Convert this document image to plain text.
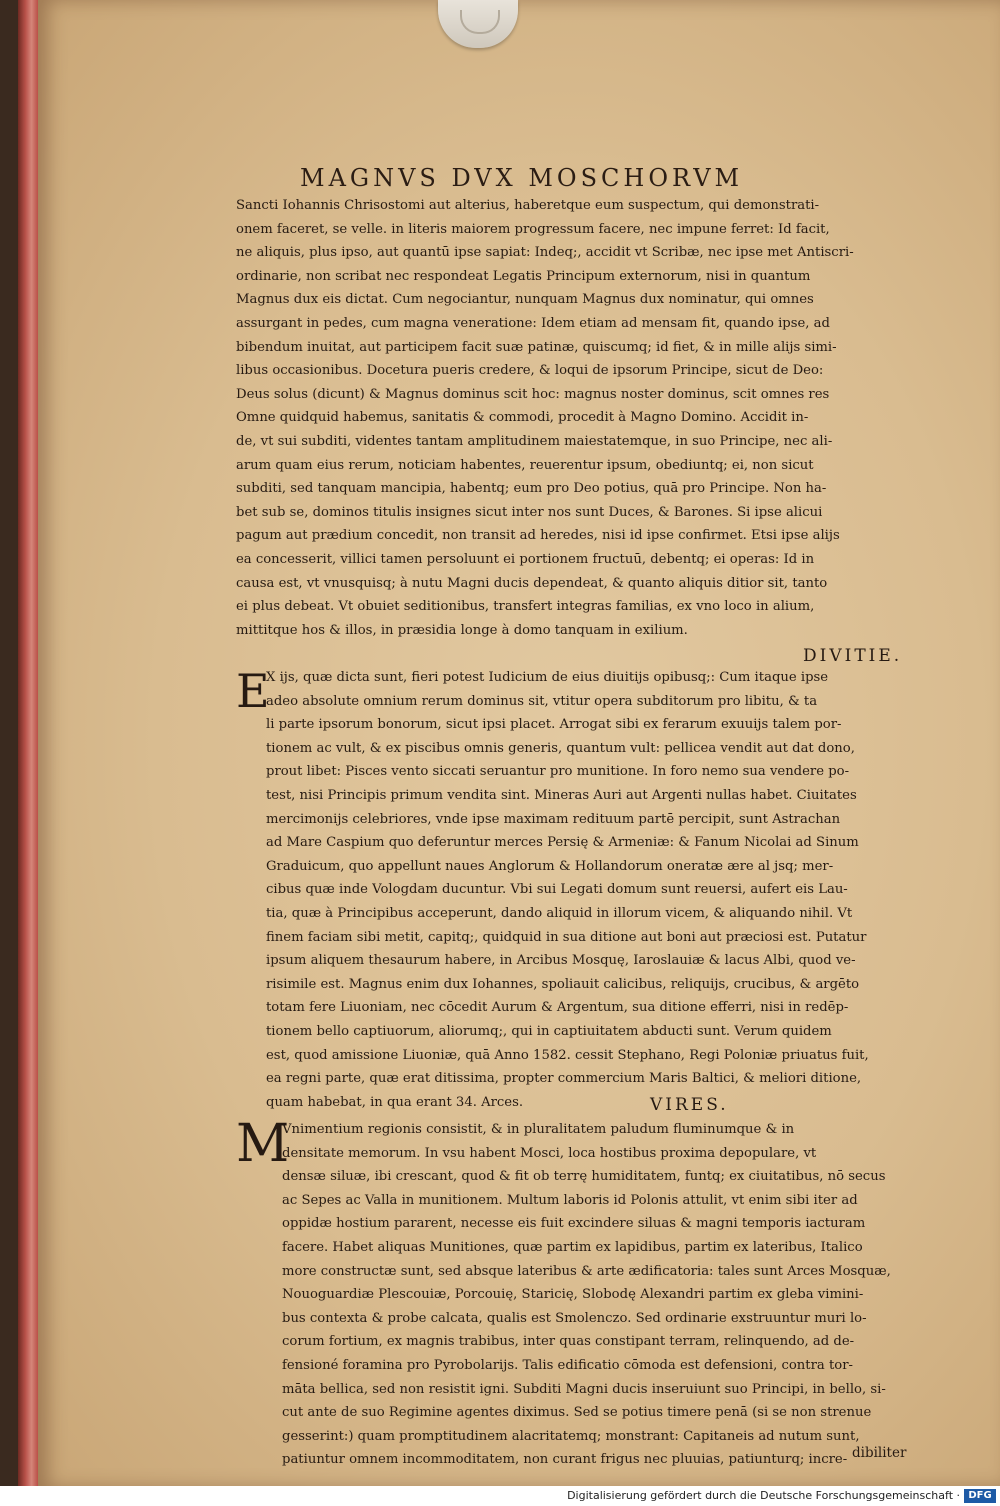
MAGNVS DVX MOSCHORVM
Sancti Iohannis Chrisostomi aut alterius, haberetque eum suspectum, qui demonstrati-
onem faceret, se velle. in literis maiorem progressum facere, nec impune ferret: Id facit,
ne aliquis, plus ipso, aut quantū ipse sapiat: Indeq;, accidit vt Scribæ, nec ipse met Antiscri-
ordinarie, non scribat nec respondeat Legatis Principum externorum, nisi in quantum
Magnus dux eis dictat. Cum negociantur, nunquam Magnus dux nominatur, qui omnes
assurgant in pedes, cum magna veneratione: Idem etiam ad mensam fit, quando ipse, ad
bibendum inuitat, aut participem facit suæ patinæ, quiscumq; id fiet, & in mille alijs simi-
libus occasionibus. Docetura pueris credere, & loqui de ipsorum Principe, sicut de Deo:
Deus solus (dicunt) & Magnus dominus scit hoc: magnus noster dominus, scit omnes res
Omne quidquid habemus, sanitatis & commodi, procedit à Magno Domino. Accidit in-
de, vt sui subditi, videntes tantam amplitudinem maiestatemque, in suo Principe, nec ali-
arum quam eius rerum, noticiam habentes, reuerentur ipsum, obediuntq; ei, non sicut
subditi, sed tanquam mancipia, habentq; eum pro Deo potius, quā pro Principe. Non ha-
bet sub se, dominos titulis insignes sicut inter nos sunt Duces, & Barones. Si ipse alicui
pagum aut prædium concedit, non transit ad heredes, nisi id ipse confirmet. Etsi ipse alijs
ea concesserit, villici tamen persoluunt ei portionem fructuū, debentq; ei operas: Id in
causa est, vt vnusquisq; à nutu Magni ducis dependeat, & quanto aliquis ditior sit, tanto
ei plus debeat. Vt obuiet seditionibus, transfert integras familias, ex vno loco in alium,
mittitque hos & illos, in præsidia longe à domo tanquam in exilium.
DIVITIE.
E
X ijs, quæ dicta sunt, fieri potest Iudicium de eius diuitijs opibusq;: Cum itaque ipse
adeo absolute omnium rerum dominus sit, vtitur opera subditorum pro libitu, & ta
li parte ipsorum bonorum, sicut ipsi placet. Arrogat sibi ex ferarum exuuijs talem por-
tionem ac vult, & ex piscibus omnis generis, quantum vult: pellicea vendit aut dat dono,
prout libet: Pisces vento siccati seruantur pro munitione. In foro nemo sua vendere po-
test, nisi Principis primum vendita sint. Mineras Auri aut Argenti nullas habet. Ciuitates
mercimonijs celebriores, vnde ipse maximam redituum partē percipit, sunt Astrachan
ad Mare Caspium quo deferuntur merces Persię & Armeniæ: & Fanum Nicolai ad Sinum
Graduicum, quo appellunt naues Anglorum & Hollandorum oneratæ ære al jsq; mer-
cibus quæ inde Vologdam ducuntur. Vbi sui Legati domum sunt reuersi, aufert eis Lau-
tia, quæ à Principibus acceperunt, dando aliquid in illorum vicem, & aliquando nihil. Vt
finem faciam sibi metit, capitq;, quidquid in sua ditione aut boni aut præciosi est. Putatur
ipsum aliquem thesaurum habere, in Arcibus Mosquę, Iaroslauiæ & lacus Albi, quod ve-
risimile est. Magnus enim dux Iohannes, spoliauit calicibus, reliquijs, crucibus, & argēto
totam fere Liuoniam, nec cōcedit Aurum & Argentum, sua ditione efferri, nisi in redēp-
tionem bello captiuorum, aliorumq;, qui in captiuitatem abducti sunt. Verum quidem
est, quod amissione Liuoniæ, quā Anno 1582. cessit Stephano, Regi Poloniæ priuatus fuit,
ea regni parte, quæ erat ditissima, propter commercium Maris Baltici, & meliori ditione,
quam habebat, in qua erant 34. Arces.	VIRES.
M
Vnimentium regionis consistit, & in pluralitatem paludum fluminumque & in
densitate memorum. In vsu habent Mosci, loca hostibus proxima depopulare, vt
densæ siluæ, ibi crescant, quod & fit ob terrę humiditatem, funtq; ex ciuitatibus, nō secus
ac Sepes ac Valla in munitionem. Multum laboris id Polonis attulit, vt enim sibi iter ad
oppidæ hostium pararent, necesse eis fuit excindere siluas & magni temporis iacturam
facere. Habet aliquas Munitiones, quæ partim ex lapidibus, partim ex lateribus, Italico
more constructæ sunt, sed absque lateribus & arte ædificatoria: tales sunt Arces Mosquæ,
Nouoguardiæ Plescouiæ, Porcouię, Staricię, Slobodę Alexandri partim ex gleba vimini-
bus contexta & probe calcata, qualis est Smolenczo. Sed ordinarie exstruuntur muri lo-
corum fortium, ex magnis trabibus, inter quas constipant terram, relinquendo, ad de-
fensioné foramina pro Pyrobolarijs. Talis edificatio cōmoda est defensioni, contra tor-
māta bellica, sed non resistit igni. Subditi Magni ducis inseruiunt suo Principi, in bello, si-
cut ante de suo Regimine agentes diximus. Sed se potius timere penā (si se non strenue
gesserint:) quam promptitudinem alacritatemq; monstrant: Capitaneis ad nutum sunt,
patiuntur omnem incommoditatem, non curant frigus nec pluuias, patiunturq; incre- dibiliter
Digitalisierung gefördert durch die Deutsche Forschungsgemeinschaft · DFG
